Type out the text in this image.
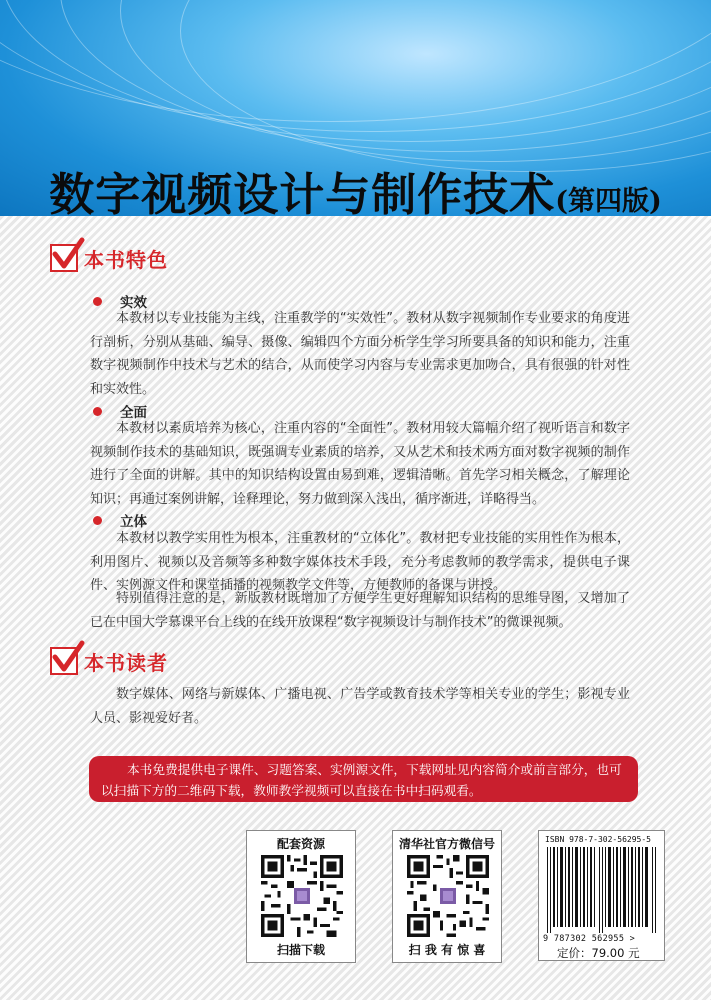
数字视频设计与制作技术(第四版)
本书特色
实效

本教材以专业技能为主线，注重教学的“实效性”。教材从数字视频制作专业要求的角度进行剖析，分别从基础、编导、摄像、编辑四个方面分析学生学习所要具备的知识和能力，注重数字视频制作中技术与艺术的结合，从而使学习内容与专业需求更加吻合，具有很强的针对性和实效性。

全面

本教材以素质培养为核心，注重内容的“全面性”。教材用较大篇幅介绍了视听语言和数字视频制作技术的基础知识，既强调专业素质的培养，又从艺术和技术两方面对数字视频的制作进行了全面的讲解。其中的知识结构设置由易到难，逻辑清晰。首先学习相关概念，了解理论知识；再通过案例讲解，诠释理论，努力做到深入浅出，循序渐进，详略得当。

立体

本教材以教学实用性为根本，注重教材的“立体化”。教材把专业技能的实用性作为根本，利用图片、视频以及音频等多种数字媒体技术手段，充分考虑教师的教学需求，提供电子课件、实例源文件和课堂插播的视频教学文件等，方便教师的备课与讲授。

特别值得注意的是，新版教材既增加了方便学生更好理解知识结构的思维导图，又增加了已在中国大学慕课平台上线的在线开放课程“数字视频设计与制作技术”的微课视频。

本书读者

数字媒体、网络与新媒体、广播电视、广告学或教育技术学等相关专业的学生；影视专业人员、影视爱好者。

本书免费提供电子课件、习题答案、实例源文件，下载网址见内容简介或前言部分，也可以扫描下方的二维码下载，教师教学视频可以直接在书中扫码观看。
配套资源
扫描下载
清华社官方微信号
扫 我 有 惊 喜
ISBN 978-7-302-56295-5
9 787302 562955 >
定价：79.00 元
